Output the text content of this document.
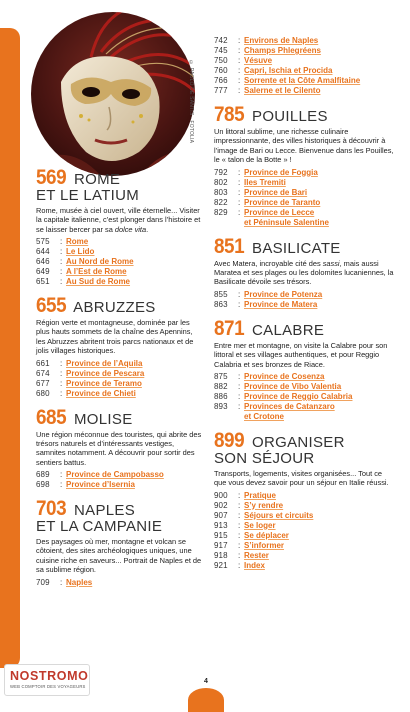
© PAOLO DE SANTIS - FOTOLIA
569 ROME
ET LE LATIUM
Rome, musée à ciel ouvert, ville éternelle... Visiter la capitale italienne, c’est plonger dans l’histoire et se laisser bercer par sa dolce vita.
575	: Rome
644	: Le Lido
646	: Au Nord de Rome
649	: A l’Est de Rome
651	: Au Sud de Rome
655 ABRUZZES
Région verte et montagneuse, dominée par les plus hauts sommets de la chaîne des Apennins, les Abruzzes abritent trois parcs nationaux et de jolis villages historiques.
661	: Province de l’Aquila
674	: Province de Pescara
677	: Province de Teramo
680	: Province de Chieti
685 MOLISE
Une région méconnue des touristes, qui abrite des trésors naturels et d’intéressants vestiges, samnites notamment. A découvrir pour sortir des sentiers battus.
689	: Province de Campobasso
698	: Province d’Isernia
703 NAPLES
ET LA CAMPANIE
Des paysages où mer, montagne et volcan se côtoient, des sites archéologiques uniques, une cuisine riche en saveurs... Portrait de Naples et de sa sublime région.
709	: Naples
742	: Environs de Naples
745	: Champs Phlegréens
750	: Vésuve
760	: Capri, Ischia et Procida
766	: Sorrente et la Côte Amalfitaine
777	: Salerne et le Cilento
785 POUILLES
Un littoral sublime, une richesse culinaire impressionnante, des villes historiques à découvrir à l’image de Bari ou Lecce. Bienvenue dans les Pouilles, le « talon de la Botte » !
792	: Province de Foggia
802	: Iles Tremiti
803	: Province de Bari
822	: Province de Taranto
829	: Province de Lecce
et Péninsule Salentine
851 BASILICATE
Avec Matera, incroyable cité des sassi, mais aussi Maratea et ses plages ou les dolomites lucaniennes, la Basilicate dévoile ses trésors.
855	: Province de Potenza
863	: Province de Matera
871 CALABRE
Entre mer et montagne, on visite la Calabre pour son littoral et ses villages authentiques, et pour Reggio Calabria et ses bronzes de Riace.
875	: Province de Cosenza
882	: Province de Vibo Valentia
886	: Province de Reggio Calabria
893	: Provinces de Catanzaro
et Crotone
899 ORGANISER
SON SÉJOUR
Transports, logements, visites organisées... Tout ce que vous devez savoir pour un séjour en Italie réussi.
900	: Pratique
902	: S’y rendre
907	: Séjours et circuits
913	: Se loger
915	: Se déplacer
917	: S’informer
918	: Rester
921	: Index
4
NOSTROMO
WEB COMPTOIR DES VOYAGEURS
